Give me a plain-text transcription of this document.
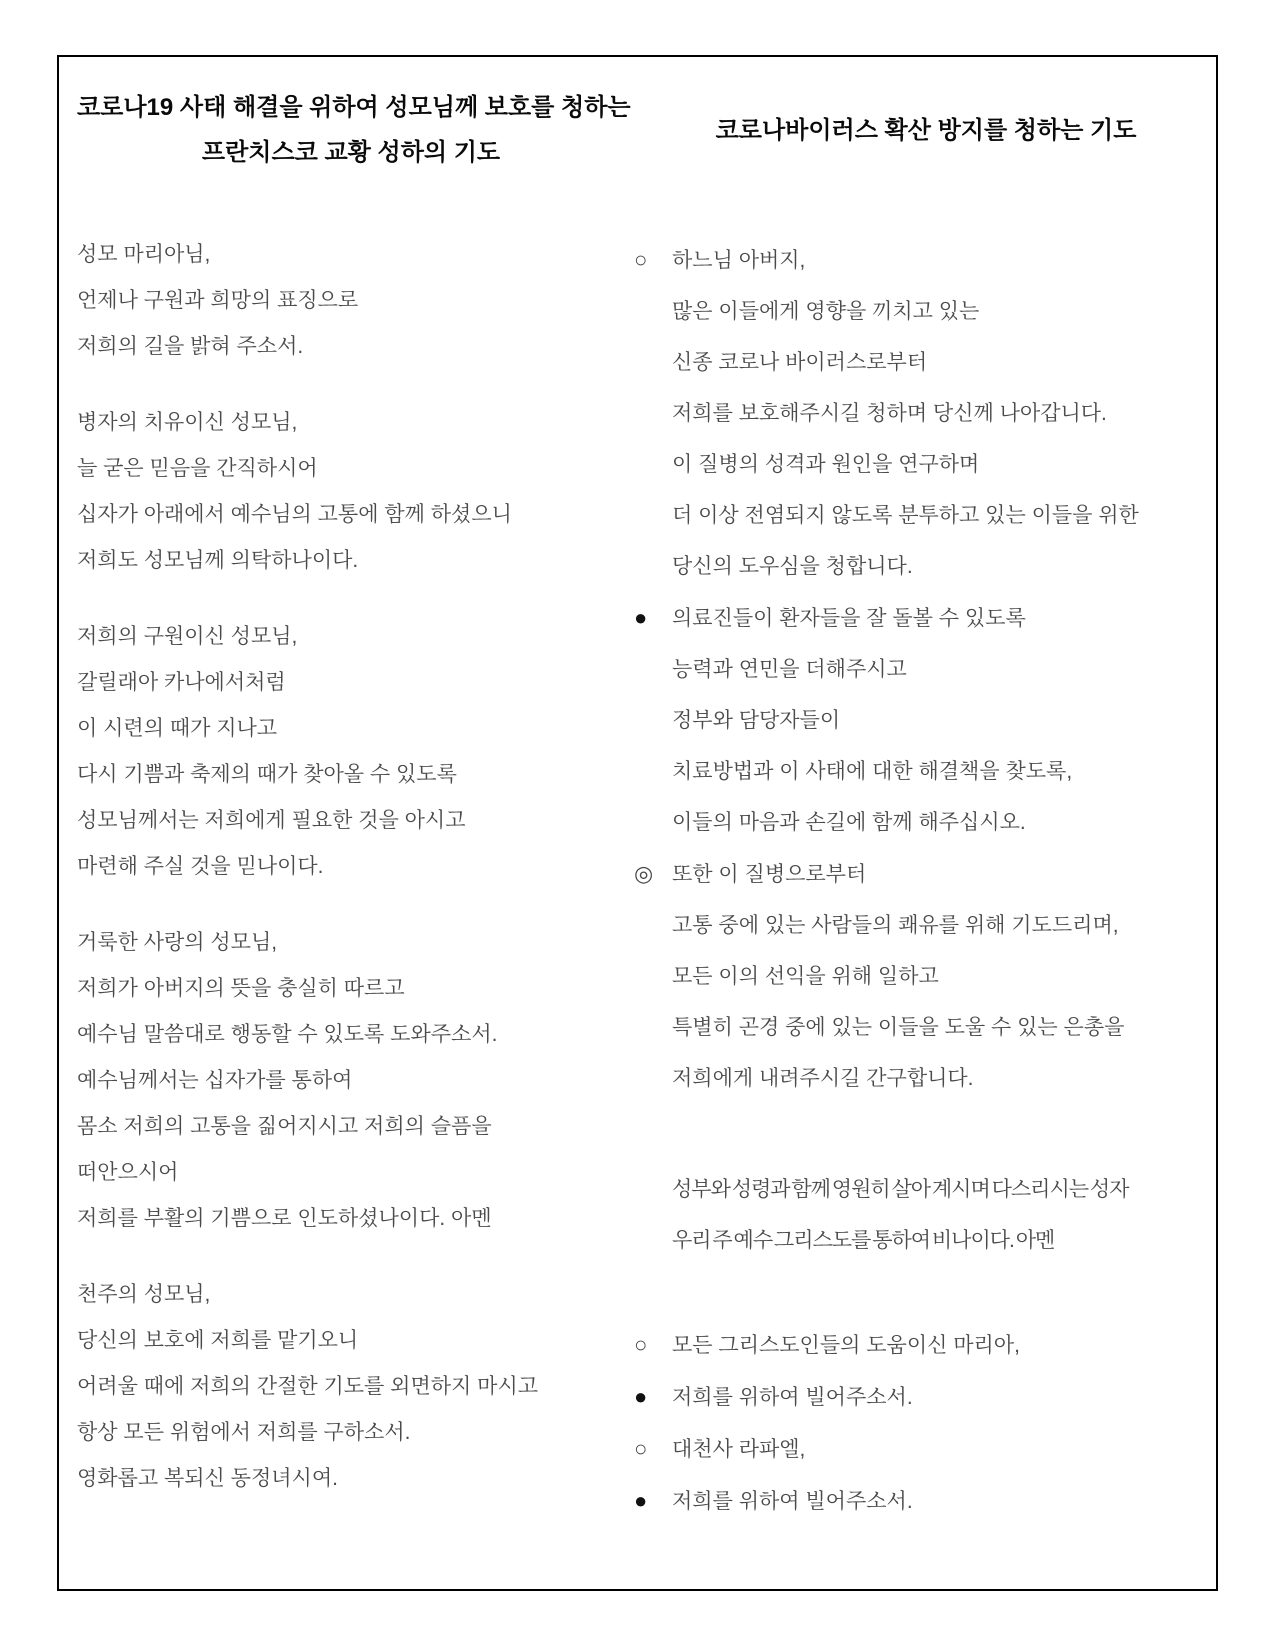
코로나19 사태 해결을 위하여 성모님께 보호를 청하는
프란치스코 교황 성하의 기도
성모 마리아님,
언제나 구원과 희망의 표징으로
저희의 길을 밝혀 주소서.
병자의 치유이신 성모님,
늘 굳은 믿음을 간직하시어
십자가 아래에서 예수님의 고통에 함께 하셨으니
저희도 성모님께 의탁하나이다.
저희의 구원이신 성모님,
갈릴래아 카나에서처럼
이 시련의 때가 지나고
다시 기쁨과 축제의 때가 찾아올 수 있도록
성모님께서는 저희에게 필요한 것을 아시고
마련해 주실 것을 믿나이다.
거룩한 사랑의 성모님,
저희가 아버지의 뜻을 충실히 따르고
예수님 말씀대로 행동할 수 있도록 도와주소서.
예수님께서는 십자가를 통하여
몸소 저희의 고통을 짊어지시고 저희의 슬픔을
떠안으시어
저희를 부활의 기쁨으로 인도하셨나이다. 아멘
천주의 성모님,
당신의 보호에 저희를 맡기오니
어려울 때에 저희의 간절한 기도를 외면하지 마시고
항상 모든 위험에서 저희를 구하소서.
영화롭고 복되신 동정녀시여.
코로나바이러스 확산 방지를 청하는 기도
○ 하느님 아버지,
많은 이들에게 영향을 끼치고 있는
신종 코로나 바이러스로부터
저희를 보호해주시길 청하며 당신께 나아갑니다.
이 질병의 성격과 원인을 연구하며
더 이상 전염되지 않도록 분투하고 있는 이들을 위한
당신의 도우심을 청합니다.
● 의료진들이 환자들을 잘 돌볼 수 있도록
능력과 연민을 더해주시고
정부와 담당자들이
치료방법과 이 사태에 대한 해결책을 찾도록,
이들의 마음과 손길에 함께 해주십시오.
◎ 또한 이 질병으로부터
고통 중에 있는 사람들의 쾌유를 위해 기도드리며,
모든 이의 선익을 위해 일하고
특별히 곤경 중에 있는 이들을 도울 수 있는 은총을
저희에게 내려주시길 간구합니다.
성부와 성령과 함께 영원히 살아 계시며 다스리시는 성자
우리 주 예수 그리스도를 통하여 비나이다. 아멘
○ 모든 그리스도인들의 도움이신 마리아,
● 저희를 위하여 빌어주소서.
○ 대천사 라파엘,
● 저희를 위하여 빌어주소서.
